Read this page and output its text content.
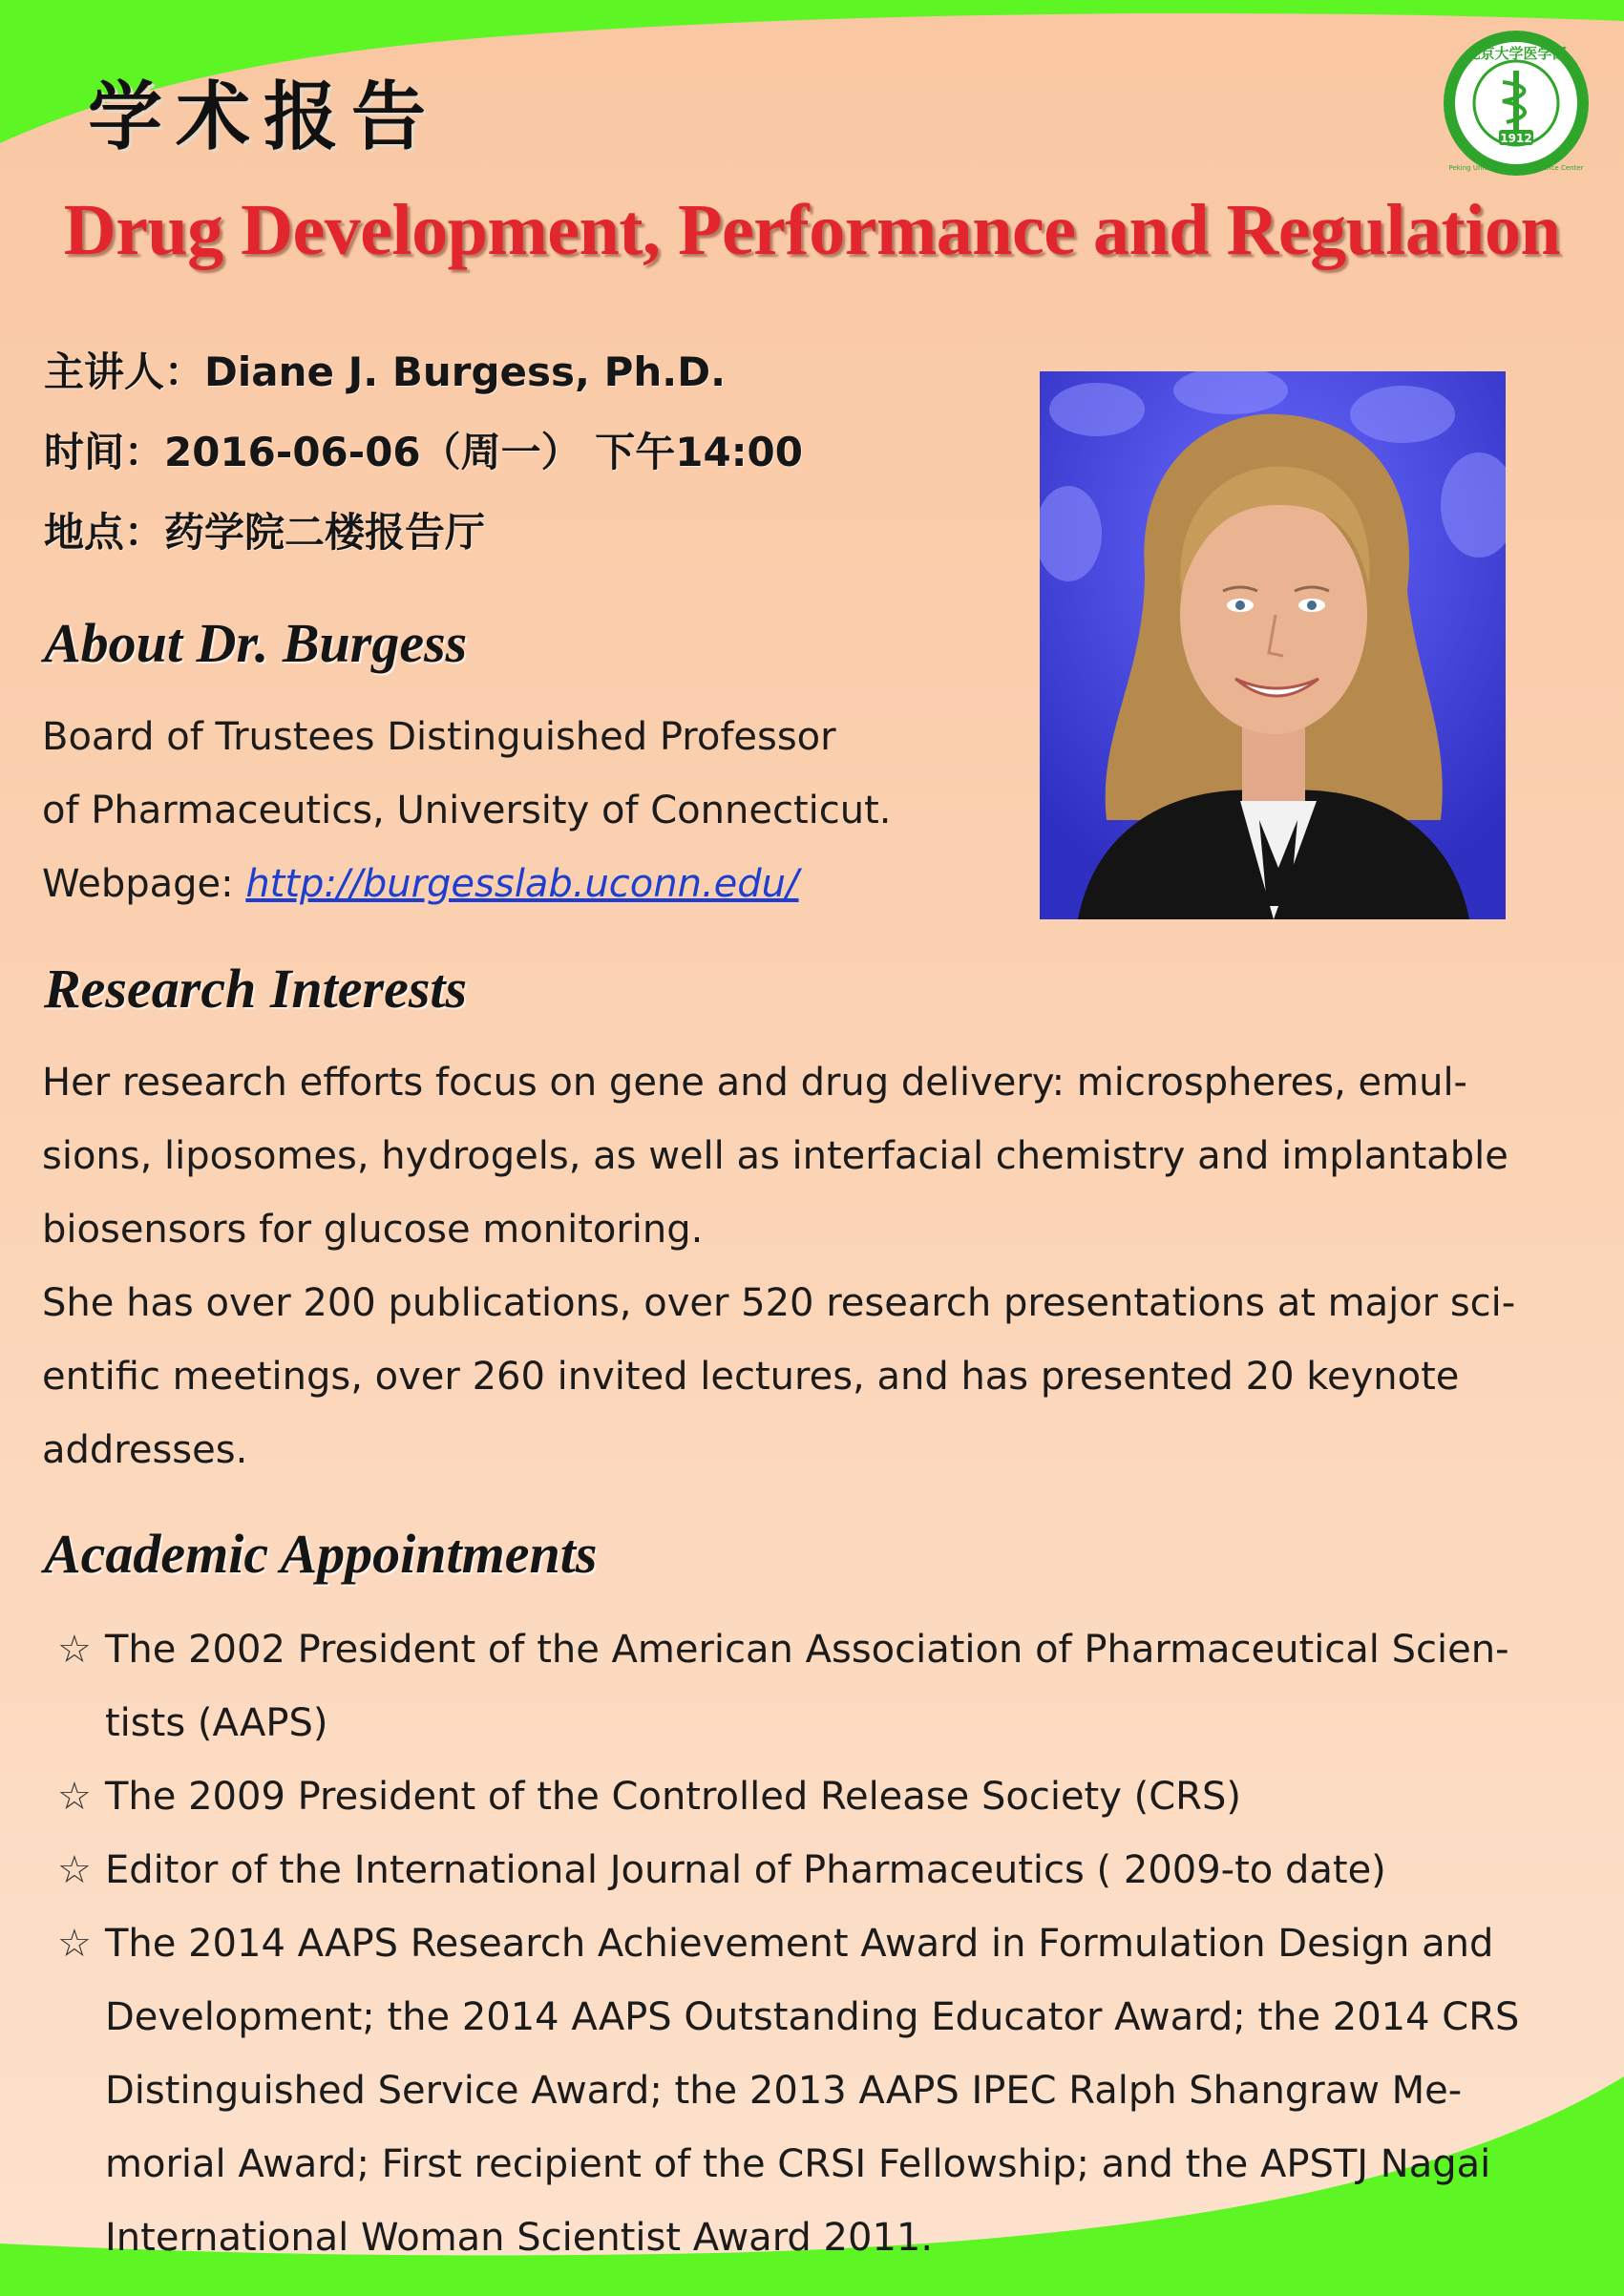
学术报告	1912
北京大学医学部
Peking University Health Science Center
Drug Development, Performance and Regulation
主讲人：Diane J. Burgess, Ph.D.
时间：2016-06-06（周一） 下午14:00
地点：药学院二楼报告厅
About Dr. Burgess
Board of Trustees Distinguished Professor
of Pharmaceutics, University of Connecticut.
Webpage: http://burgesslab.uconn.edu/
Research Interests
Her research efforts focus on gene and drug delivery: microspheres, emul-
sions, liposomes, hydrogels, as well as interfacial chemistry and implantable
biosensors for glucose monitoring.
She has over 200 publications, over 520 research presentations at major sci-
entific meetings, over 260 invited lectures, and has presented 20 keynote
addresses.
Academic Appointments
☆ The 2002 President of the American Association of Pharmaceutical Scien-
tists (AAPS)
☆ The 2009 President of the Controlled Release Society (CRS)
☆ Editor of the International Journal of Pharmaceutics ( 2009-to date)
☆ The 2014 AAPS Research Achievement Award in Formulation Design and
Development; the 2014 AAPS Outstanding Educator Award; the 2014 CRS
Distinguished Service Award; the 2013 AAPS IPEC Ralph Shangraw Me-
morial Award; First recipient of the CRSI Fellowship; and the APSTJ Nagai
International Woman Scientist Award 2011.
